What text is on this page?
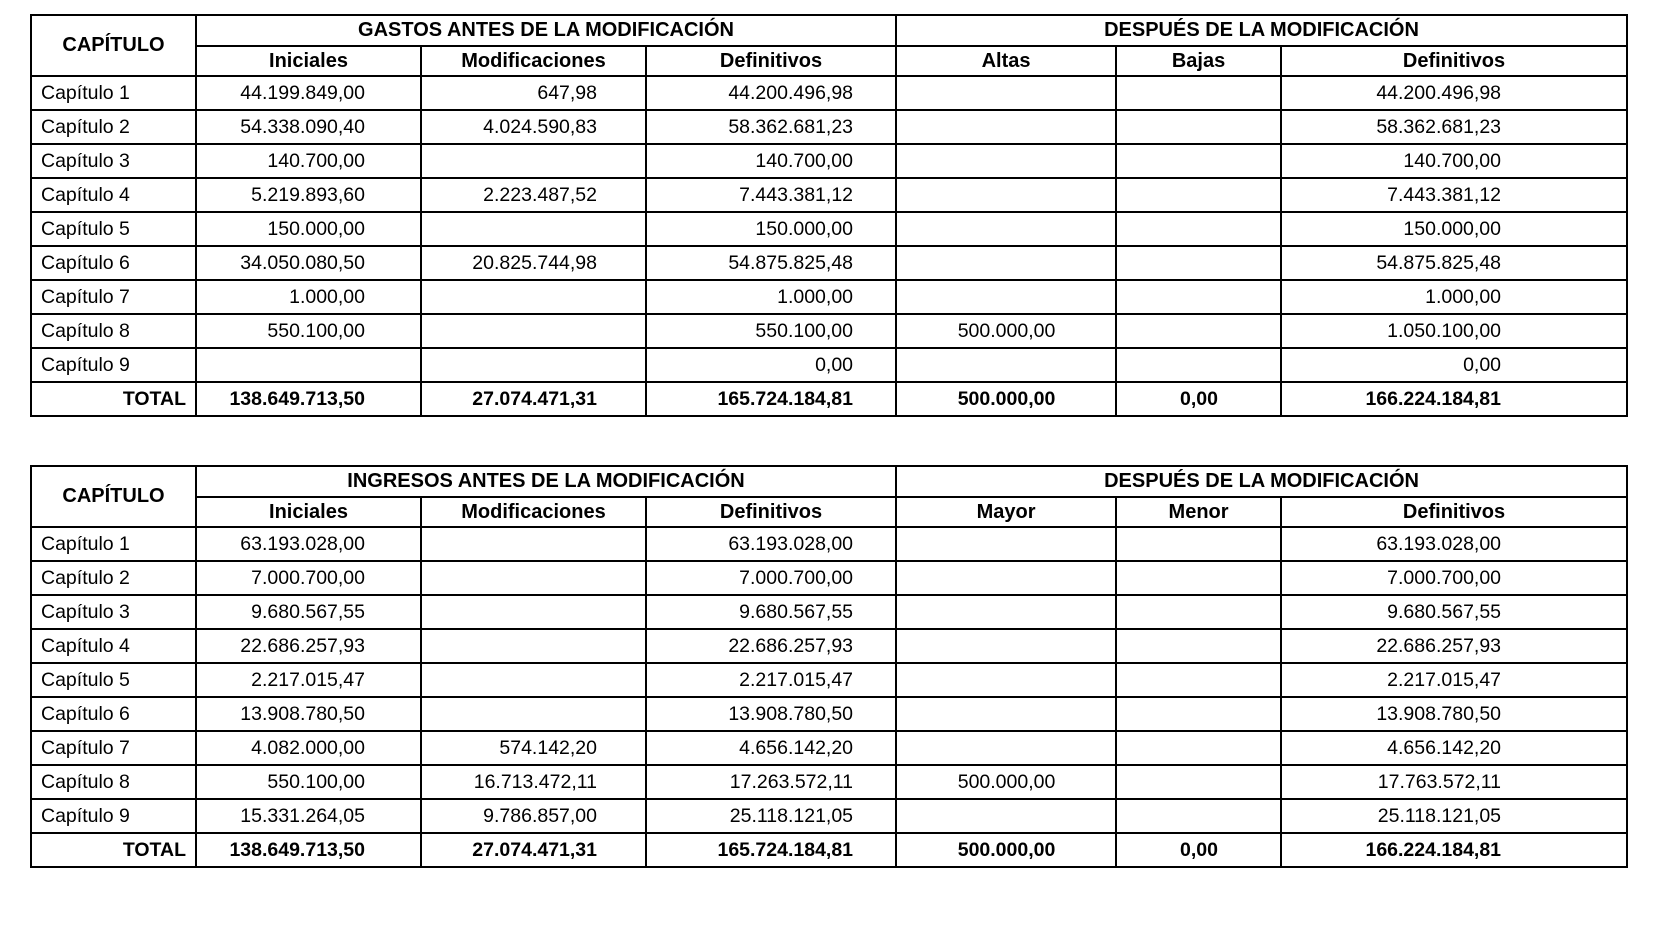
CAPÍTULO	GASTOS ANTES DE LA MODIFICACIÓN			DESPUÉS DE LA MODIFICACIÓN		
	Iniciales	Modificaciones	Definitivos	Altas	Bajas	Definitivos
Capítulo 1	44.199.849,00	647,98	44.200.496,98			44.200.496,98
Capítulo 2	54.338.090,40	4.024.590,83	58.362.681,23			58.362.681,23
Capítulo 3	140.700,00		140.700,00			140.700,00
Capítulo 4	5.219.893,60	2.223.487,52	7.443.381,12			7.443.381,12
Capítulo 5	150.000,00		150.000,00			150.000,00
Capítulo 6	34.050.080,50	20.825.744,98	54.875.825,48			54.875.825,48
Capítulo 7	1.000,00		1.000,00			1.000,00
Capítulo 8	550.100,00		550.100,00	500.000,00		1.050.100,00
Capítulo 9			0,00			0,00
TOTAL	138.649.713,50	27.074.471,31	165.724.184,81	500.000,00	0,00	166.224.184,81
CAPÍTULO	INGRESOS ANTES DE LA MODIFICACIÓN			DESPUÉS DE LA MODIFICACIÓN		
	Iniciales	Modificaciones	Definitivos	Mayor	Menor	Definitivos
Capítulo 1	63.193.028,00		63.193.028,00			63.193.028,00
Capítulo 2	7.000.700,00		7.000.700,00			7.000.700,00
Capítulo 3	9.680.567,55		9.680.567,55			9.680.567,55
Capítulo 4	22.686.257,93		22.686.257,93			22.686.257,93
Capítulo 5	2.217.015,47		2.217.015,47			2.217.015,47
Capítulo 6	13.908.780,50		13.908.780,50			13.908.780,50
Capítulo 7	4.082.000,00	574.142,20	4.656.142,20			4.656.142,20
Capítulo 8	550.100,00	16.713.472,11	17.263.572,11	500.000,00		17.763.572,11
Capítulo 9	15.331.264,05	9.786.857,00	25.118.121,05			25.118.121,05
TOTAL	138.649.713,50	27.074.471,31	165.724.184,81	500.000,00	0,00	166.224.184,81
